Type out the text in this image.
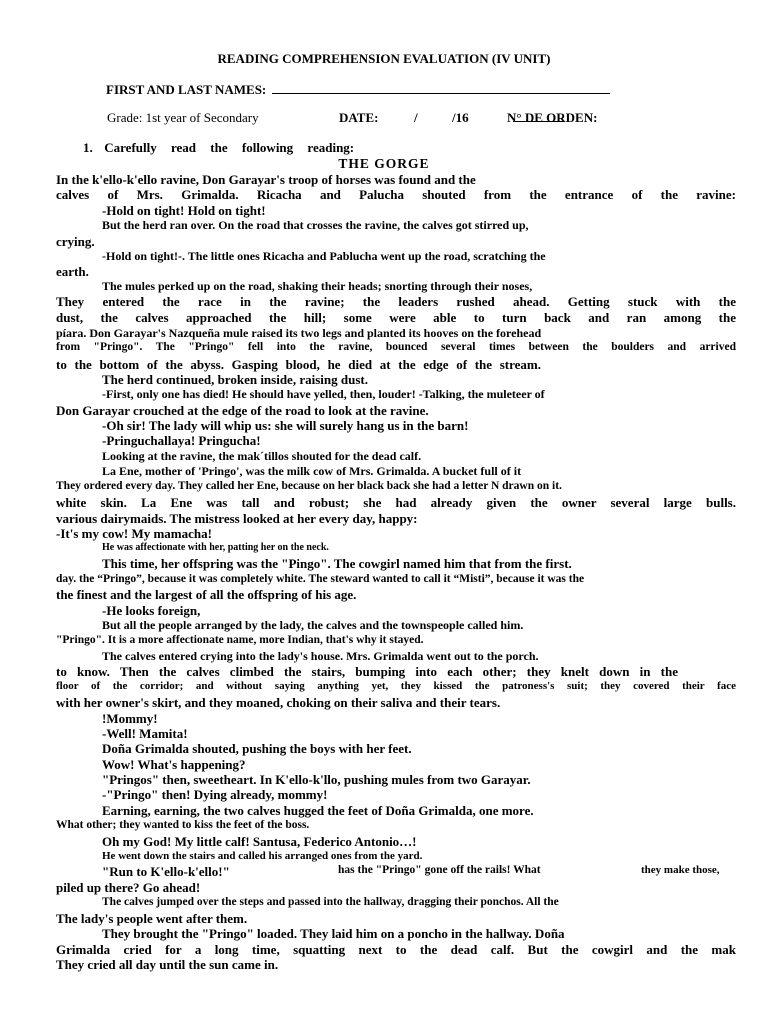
READING COMPREHENSION EVALUATION (IV UNIT)
FIRST AND LAST NAMES:
Grade: 1st year of Secondary	DATE:	/	/16	N° DE ORDEN:
1. Carefully read the following reading:
THE GORGE
In the k'ello-k'ello ravine, Don Garayar's troop of horses was found and the
calves of Mrs. Grimalda. Ricacha and Palucha shouted from the entrance of the ravine:
-Hold on tight! Hold on tight!
But the herd ran over. On the road that crosses the ravine, the calves got stirred up,
crying.
-Hold on tight!-. The little ones Ricacha and Pablucha went up the road, scratching the
earth.
The mules perked up on the road, shaking their heads; snorting through their noses,
They entered the race in the ravine; the leaders rushed ahead. Getting stuck with the
dust, the calves approached the hill; some were able to turn back and ran among the
píara. Don Garayar's Nazqueña mule raised its two legs and planted its hooves on the forehead
from "Pringo". The "Pringo" fell into the ravine, bounced several times between the boulders and arrived
to the bottom of the abyss. Gasping blood, he died at the edge of the stream.
The herd continued, broken inside, raising dust.
-First, only one has died! He should have yelled, then, louder! -Talking, the muleteer of
Don Garayar crouched at the edge of the road to look at the ravine.
-Oh sir! The lady will whip us: she will surely hang us in the barn!
-Pringuchallaya! Pringucha!
Looking at the ravine, the mak´tillos shouted for the dead calf.
La Ene, mother of 'Pringo', was the milk cow of Mrs. Grimalda. A bucket full of it
They ordered every day. They called her Ene, because on her black back she had a letter N drawn on it.
white skin. La Ene was tall and robust; she had already given the owner several large bulls.
various dairymaids. The mistress looked at her every day, happy:
-It's my cow! My mamacha!
He was affectionate with her, patting her on the neck.
This time, her offspring was the "Pingo". The cowgirl named him that from the first.
day. the “Pringo”, because it was completely white. The steward wanted to call it “Misti”, because it was the
the finest and the largest of all the offspring of his age.
-He looks foreign,
But all the people arranged by the lady, the calves and the townspeople called him.
"Pringo". It is a more affectionate name, more Indian, that's why it stayed.
The calves entered crying into the lady's house. Mrs. Grimalda went out to the porch.
to know. Then the calves climbed the stairs, bumping into each other; they knelt down in the
floor of the corridor; and without saying anything yet, they kissed the patroness's suit; they covered their face
with her owner's skirt, and they moaned, choking on their saliva and their tears.
!Mommy!
-Well! Mamita!
Doña Grimalda shouted, pushing the boys with her feet.
Wow! What's happening?
"Pringos" then, sweetheart. In K'ello-k'llo, pushing mules from two Garayar.
-"Pringo" then! Dying already, mommy!
Earning, earning, the two calves hugged the feet of Doña Grimalda, one more.
What other; they wanted to kiss the feet of the boss.
Oh my God! My little calf! Santusa, Federico Antonio…!
He went down the stairs and called his arranged ones from the yard.
"Run to K'ello-k'ello!"	has the "Pringo" gone off the rails! What	they make those,
piled up there? Go ahead!
The calves jumped over the steps and passed into the hallway, dragging their ponchos. All the
The lady's people went after them.
They brought the "Pringo" loaded. They laid him on a poncho in the hallway. Doña
Grimalda cried for a long time, squatting next to the dead calf. But the cowgirl and the mak
They cried all day until the sun came in.
